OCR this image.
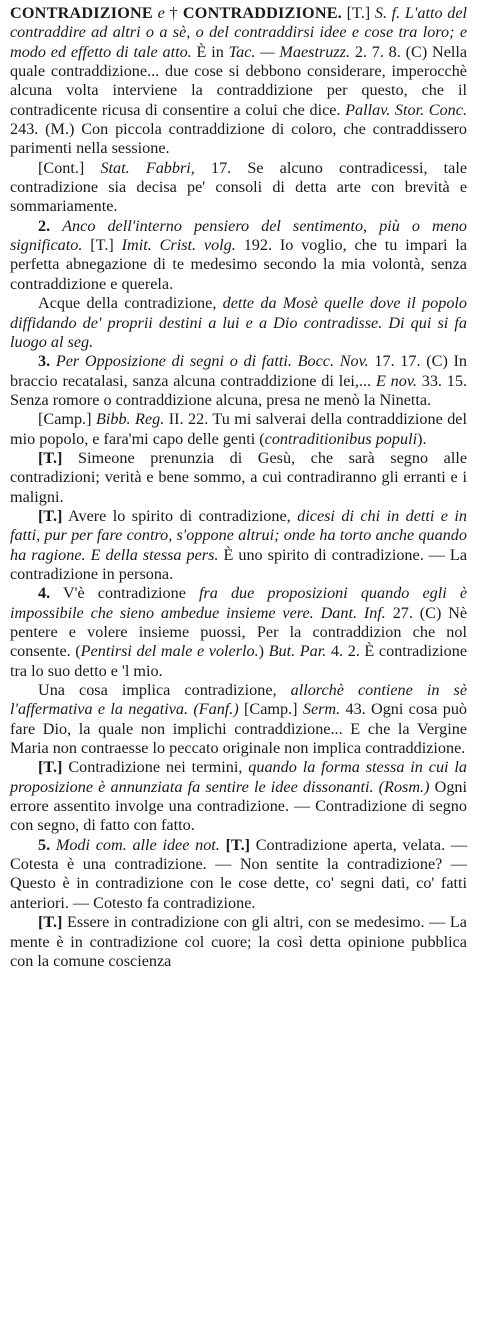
CONTRADIZIONE e † CONTRADDIZIONE. [T.] S. f. L'atto del contraddire ad altri o a sè, o del contraddirsi idee e cose tra loro; e modo ed effetto di tale atto. È in Tac. — Maestruzz. 2. 7. 8. (C) Nella quale contraddizione... due cose si debbono considerare, imperocchè alcuna volta interviene la contraddizione per questo, che il contradicente ricusa di consentire a colui che dice. Pallav. Stor. Conc. 243. (M.) Con piccola contraddizione di coloro, che contraddissero parimenti nella sessione.

[Cont.] Stat. Fabbri, 17. Se alcuno contradicessi, tale contradizione sia decisa pe' consoli di detta arte con brevità e sommariamente.

2. Anco dell'interno pensiero del sentimento, più o meno significato. [T.] Imit. Crist. volg. 192. Io voglio, che tu impari la perfetta abnegazione di te medesimo secondo la mia volontà, senza contraddizione e querela.

Acque della contradizione, dette da Mosè quelle dove il popolo diffidando de' proprii destini a lui e a Dio contradisse. Di qui si fa luogo al seg.

3. Per Opposizione di segni o di fatti. Bocc. Nov. 17. 17. (C) In braccio recatalasi, sanza alcuna contraddizione di lei,... E nov. 33. 15. Senza romore o contraddizione alcuna, presa ne menò la Ninetta.

[Camp.] Bibb. Reg. II. 22. Tu mi salverai della contraddizione del mio popolo, e fara'mi capo delle genti (contraditionibus populi).

[T.] Simeone prenunzia di Gesù, che sarà segno alle contradizioni; verità e bene sommo, a cui contradiranno gli erranti e i maligni.

[T.] Avere lo spirito di contradizione, dicesi di chi in detti e in fatti, pur per fare contro, s'oppone altrui; onde ha torto anche quando ha ragione. E della stessa pers. È uno spirito di contradizione. — La contradizione in persona.

4. V'è contradizione fra due proposizioni quando egli è impossibile che sieno ambedue insieme vere. Dant. Inf. 27. (C) Nè pentere e volere insieme puossi, Per la contraddizion che nol consente. (Pentirsi del male e volerlo.) But. Par. 4. 2. È contradizione tra lo suo detto e 'l mio.

Una cosa implica contradizione, allorchè contiene in sè l'affermativa e la negativa. (Fanf.) [Camp.] Serm. 43. Ogni cosa può fare Dio, la quale non implichi contraddizione... E che la Vergine Maria non contraesse lo peccato originale non implica contraddizione.

[T.] Contradizione nei termini, quando la forma stessa in cui la proposizione è annunziata fa sentire le idee dissonanti. (Rosm.) Ogni errore assentito involge una contradizione. — Contradizione di segno con segno, di fatto con fatto.

5. Modi com. alle idee not. [T.] Contradizione aperta, velata. — Cotesta è una contradizione. — Non sentite la contradizione? — Questo è in contradizione con le cose dette, co' segni dati, co' fatti anteriori. — Cotesto fa contradizione.

[T.] Essere in contradizione con gli altri, con se medesimo. — La mente è in contradizione col cuore; la così detta opinione pubblica con la comune coscienza
